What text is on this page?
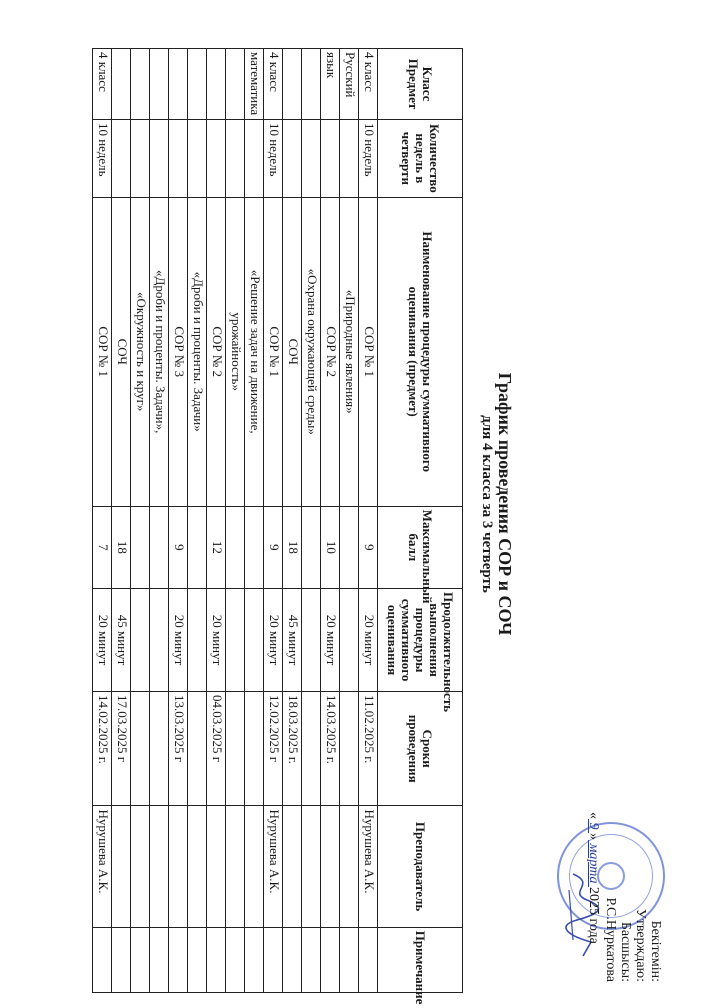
Бекітемін:
Утверждаю:
Басшысы:
Р.С.Нуркатова
« 9 » марта 2025 года
График проведения СОР и СОЧ
для 4 класса за 3 четверть
Класс Предмет	Количество недель в четверти	Наименование процедуры суммативного оценивания (предмет)	Максимальный балл	Продолжительность выполнения процедуры суммативного оценивания	Сроки проведения	Преподаватель	Примечание
4 класс	10 недель	СОР № 1	9	20 минут	11.02.2025 г.	Нурушева А.К.	
Русский		«Природные явления»					
язык		СОР № 2	10	20 минут	14.03.2025 г.		
		«Охрана окружающей среды»					
		СОЧ	18	45 минут	18.03.2025 г.		
4 класс	10 недель	СОР № 1	9	20 минут	12.02.2025 г	Нурушева А.К.	
математика		«Решение задач на движение,					
		урожайность»					
		СОР № 2	12	20 минут	04.03.2025 г		
		«Дроби и проценты. Задачи»					
		СОР № 3	9	20 минут	13.03.2025 г		
		«Дроби и проценты. Задачи»,					
		«Окружность и круг»					
		СОЧ	18	45 минут	17.03.2025 г		
4 класс	10 недель	СОР № 1	7	20 минут	14.02.2025 г.	Нурушева А.К.	
